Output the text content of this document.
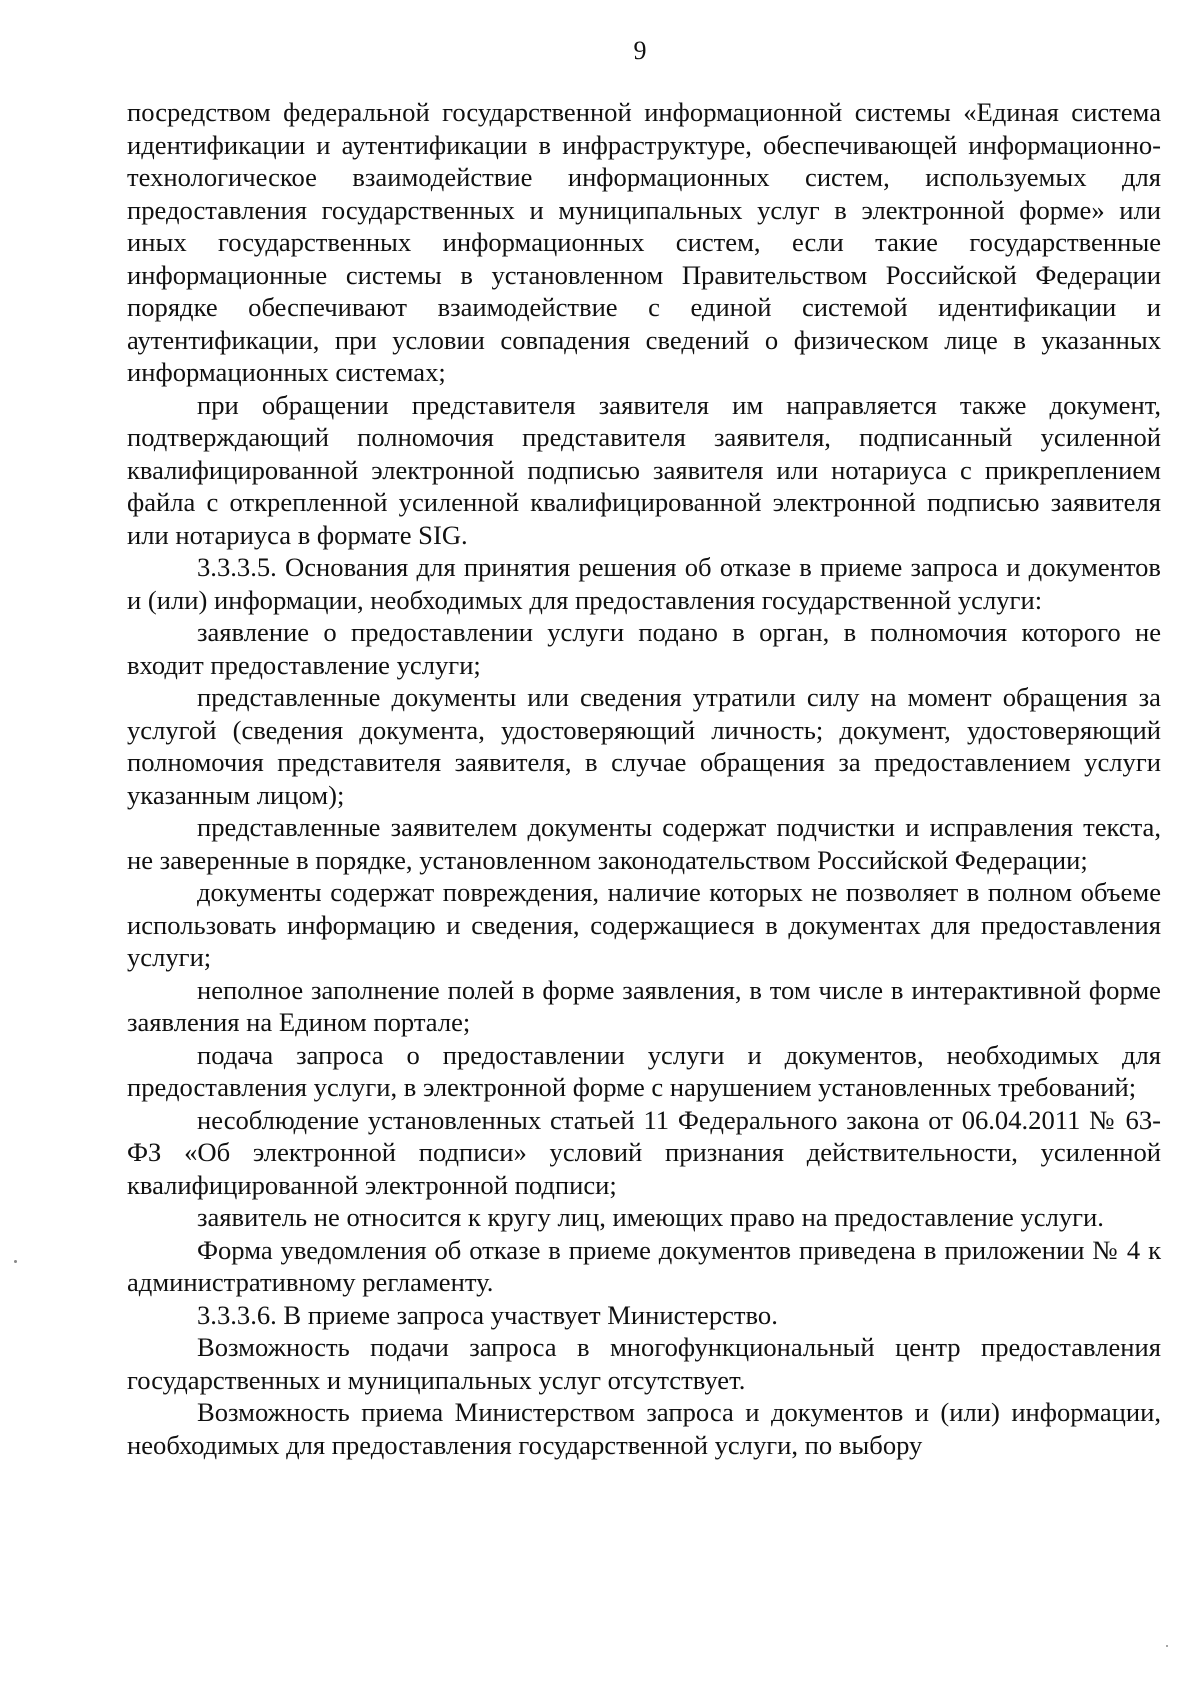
9

посредством федеральной государственной информационной системы «Единая система идентификации и аутентификации в инфраструктуре, обеспечивающей информационно-технологическое взаимодействие информационных систем, используемых для предоставления государственных и муниципальных услуг в электронной форме» или иных государственных информационных систем, если такие государственные информационные системы в установленном Правительством Российской Федерации порядке обеспечивают взаимодействие с единой системой идентификации и аутентификации, при условии совпадения сведений о физическом лице в указанных информационных системах;

при обращении представителя заявителя им направляется также документ, подтверждающий полномочия представителя заявителя, подписанный усиленной квалифицированной электронной подписью заявителя или нотариуса с прикреплением файла с открепленной усиленной квалифицированной электронной подписью заявителя или нотариуса в формате SIG.

3.3.3.5. Основания для принятия решения об отказе в приеме запроса и документов и (или) информации, необходимых для предоставления государственной услуги:

заявление о предоставлении услуги подано в орган, в полномочия которого не входит предоставление услуги;

представленные документы или сведения утратили силу на момент обращения за услугой (сведения документа, удостоверяющий личность; документ, удостоверяющий полномочия представителя заявителя, в случае обращения за предоставлением услуги указанным лицом);

представленные заявителем документы содержат подчистки и исправления текста, не заверенные в порядке, установленном законодательством Российской Федерации;

документы содержат повреждения, наличие которых не позволяет в полном объеме использовать информацию и сведения, содержащиеся в документах для предоставления услуги;

неполное заполнение полей в форме заявления, в том числе в интерактивной форме заявления на Едином портале;

подача запроса о предоставлении услуги и документов, необходимых для предоставления услуги, в электронной форме с нарушением установленных требований;

несоблюдение установленных статьей 11 Федерального закона от 06.04.2011 № 63-ФЗ «Об электронной подписи» условий признания действительности, усиленной квалифицированной электронной подписи;

заявитель не относится к кругу лиц, имеющих право на предоставление услуги.

Форма уведомления об отказе в приеме документов приведена в приложении № 4 к административному регламенту.

3.3.3.6. В приеме запроса участвует Министерство.

Возможность подачи запроса в многофункциональный центр предоставления государственных и муниципальных услуг отсутствует.

Возможность приема Министерством запроса и документов и (или) информации, необходимых для предоставления государственной услуги, по выбору
